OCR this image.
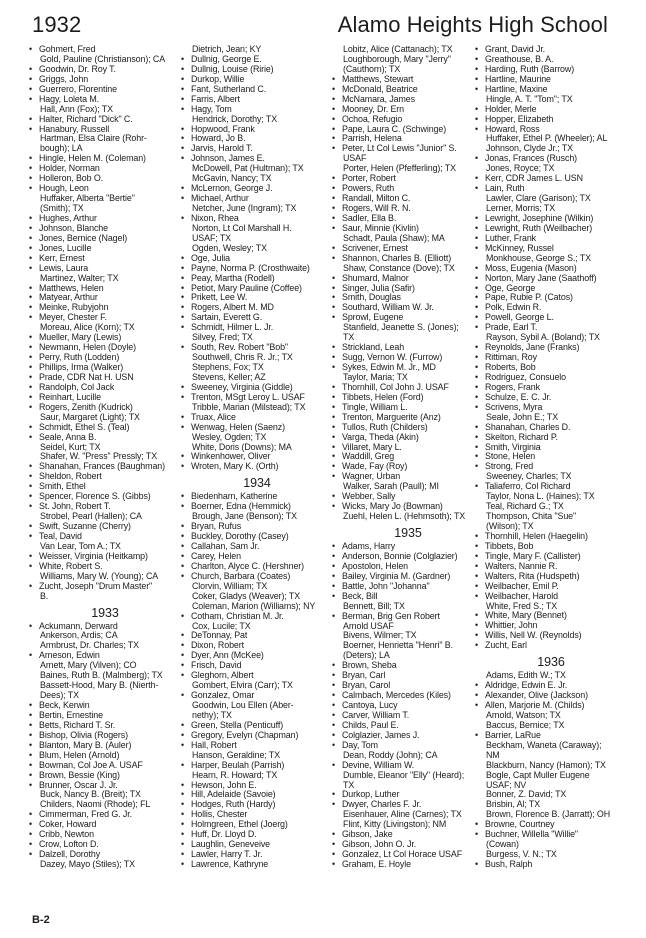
1932	Alamo Heights High School
• Gohmert, Fred
Gold, Pauline (Christianson); CA
• Goodwin, Dr. Roy T.
• Griggs, John
• Guerrero, Florentine
• Hagy, Loleta M.
Hall, Ann (Fox); TX
• Halter, Richard "Dick" C.
• Hanabury, Russell
Hartman, Elsa Claire (Rohr-
bough); LA
• Hingle, Helen M. (Coleman)
• Holder, Norman
• Holleron, Bob O.
• Hough, Leon
Huffaker, Alberta "Bertie"
(Smith); TX
• Hughes, Arthur
• Johnson, Blanche
• Jones, Bernice (Nagel)
• Jones, Lucille
• Kerr, Ernest
• Lewis, Laura
Martinez, Walter; TX
• Matthews, Helen
• Matyear, Arthur
• Meinke, Rubyjohn
• Meyer, Chester F.
Moreau, Alice (Korn); TX
• Mueller, Mary (Lewis)
• Newmann, Helen (Doyle)
• Perry, Ruth (Lodden)
• Phillips, Irma (Walker)
• Prade, CDR Nat H. USN
• Randolph, Col Jack
• Reinhart, Lucille
• Rogers, Zenith (Kudrick)
Saur, Margaret (Light); TX
• Schmidt, Ethel S. (Teal)
• Seale, Anna B.
Seidel, Kurt; TX
Shafer, W. "Press" Pressly; TX
• Shanahan, Frances (Baughman)
• Sheldon, Robert
• Smith, Ethel
• Spencer, Florence S. (Gibbs)
• St. John, Robert T.
Strobel, Pearl (Hallen); CA
• Swift, Suzanne (Cherry)
• Teal, David
Van Lear, Tom A.; TX
• Weisser, Virginia (Heitkamp)
• White, Robert S.
Williams, Mary W. (Young); CA
• Zucht, Joseph "Drum Master"
B.
1933
• Ackumann, Derward
Ankerson, Ardis; CA
Armbrust, Dr. Charles; TX
• Arneson, Edwin
Arnett, Mary (Vilven); CO
Baines, Ruth B. (Malmberg); TX
Bassett-Hood, Mary B. (Nierth-
Dees); TX
• Beck, Kerwin
• Bertin, Ernestine
• Betts, Richard T. Sr.
• Bishop, Olivia (Rogers)
• Blanton, Mary B. (Auler)
• Blum, Helen (Arnold)
• Bowman, Col Joe A. USAF
• Brown, Bessie (King)
• Brunner, Oscar J. Jr.
Buck, Nancy B. (Breit); TX
Childers, Naomi (Rhode); FL
• Cimmerman, Fred G. Jr.
• Coker, Howard
• Cribb, Newton
• Crow, Lofton D.
• Dalzell, Dorothy
Dazey, Mayo (Stiles); TX
Dietrich, Jean; KY
• Dullnig, George E.
• Dullnig, Louise (Ririe)
• Durkop, Willie
• Fant, Sutherland C.
• Farris, Albert
• Hagy, Tom
Hendrick, Dorothy; TX
• Hopwood, Frank
• Howard, Jo B.
• Jarvis, Harold T.
• Johnson, James E.
McDowell, Pat (Hultman); TX
McGavin, Nancy; TX
• McLernon, George J.
• Michael, Arthur
Netcher, June (Ingram); TX
• Nixon, Rhea
Norton, Lt Col Marshall H.
USAF; TX
Ogden, Wesley; TX
• Oge, Julia
• Payne, Norma P. (Crosthwaite)
• Peay, Martha (Rodell)
• Petiot, Mary Pauline (Coffee)
• Prikett, Lee W.
• Rogers, Albert M. MD
• Sartain, Everett G.
• Schmidt, Hilmer L. Jr.
Silvey, Fred; TX
• South, Rev. Robert "Bob"
Southwell, Chris R. Jr.; TX
Stephens, Fox; TX
Stevens, Keller; AZ
• Sweeney, Virginia (Giddle)
• Trenton, MSgt Leroy L. USAF
Tribble, Marian (Milstead); TX
• Truax, Alice
• Wenwag, Helen (Saenz)
Wesley, Ogden; TX
White, Doris (Downs); MA
• Winkenhower, Oliver
• Wroten, Mary K. (Orth)
1934
• Biedenharn, Katherine
• Boerner, Edna (Hemmick)
Brough, Jane (Benson); TX
• Bryan, Rufus
• Buckley, Dorothy (Casey)
• Callahan, Sam Jr.
• Carey, Helen
• Charlton, Alyce C. (Hershner)
• Church, Barbara (Coates)
Clorvin, William; TX
Coker, Gladys (Weaver); TX
Coleman, Marion (Williams); NY
• Cotham, Christian M. Jr.
Cox, Lucile; TX
• DeTonnay, Pat
• Dixon, Robert
• Dyer, Ann (McKee)
• Frisch, David
• Gleghorn, Albert
Gombert, Elvira (Carr); TX
• Gonzalez, Omar
Goodwin, Lou Ellen (Aber-
nethy); TX
• Green, Stella (Penticuff)
• Gregory, Evelyn (Chapman)
• Hall, Robert
Hanson, Geraldine; TX
• Harper, Beulah (Parrish)
Hearn, R. Howard; TX
• Hewson, John E.
• Hill, Adelaide (Savoie)
• Hodges, Ruth (Hardy)
• Hollis, Chester
• Holmgreen, Ethel (Joerg)
• Huff, Dr. Lloyd D.
• Laughlin, Geneveive
• Lawler, Harry T. Jr.
• Lawrence, Kathryne
Lobitz, Alice (Cattanach); TX
Loughborough, Mary "Jerry"
(Cauthorn); TX
• Matthews, Stewart
• McDonald, Beatrice
• McNamara, James
• Mooney, Dr. Ern
• Ochoa, Refugio
• Pape, Laura C. (Schwinge)
• Parrish, Helena
• Peter, Lt Col Lewis "Junior" S.
USAF
Porter, Helen (Pfefferling); TX
• Porter, Robert
• Powers, Ruth
• Randall, Milton C.
• Rogers, Will R. N.
• Sadler, Ella B.
• Saur, Minnie (Kivlin)
Schadt, Paula (Shaw); MA
• Scrivener, Ernest
• Shannon, Charles B. (Elliott)
Shaw, Constance (Dove); TX
• Shumard, Malnor
• Singer, Julia (Safir)
• Smith, Douglas
• Southard, William W. Jr.
• Sprowl, Eugene
Stanfield, Jeanette S. (Jones);
TX
• Strickland, Leah
• Sugg, Vernon W. (Furrow)
• Sykes, Edwin M. Jr., MD
Taylor, Maria; TX
• Thornhill, Col John J. USAF
• Tibbets, Helen (Ford)
• Tingle, William L.
• Trenton, Marguerite (Anz)
• Tullos, Ruth (Childers)
• Varga, Theda (Akin)
• Villaret, Mary L.
• Waddill, Greg
• Wade, Fay (Roy)
• Wagner, Urban
Walker, Sarah (Paull); MI
• Webber, Sally
• Wicks, Mary Jo (Bowman)
Zuehl, Helen L. (Hehmsoth); TX
1935
• Adams, Harry
• Anderson, Bonnie (Colglazier)
• Apostolon, Helen
• Bailey, Virginia M. (Gardner)
• Battle, John "Johanna"
• Beck, Bill
Bennett, Bill; TX
• Berman, Brig Gen Robert
Arnold USAF
Bivens, Wilmer; TX
Boerner, Henrietta "Henri" B.
(Deters); LA
• Brown, Sheba
• Bryan, Carl
• Bryan, Carol
• Calmbach, Mercedes (Kiles)
• Cantoya, Lucy
• Carver, William T.
• Childs, Paul E.
• Colglazier, James J.
• Day, Tom
Dean, Roddy (John); CA
• Devine, William W.
Dumble, Eleanor "Elly" (Heard);
TX
• Durkop, Luther
• Dwyer, Charles F. Jr.
Eisenhauer, Aline (Carnes); TX
Flint, Kitty (Livingston); NM
• Gibson, Jake
• Gibson, John O. Jr.
• Gonzalez, Lt Col Horace USAF
• Graham, E. Hoyle
• Grant, David Jr.
• Greathouse, B. A.
• Harding, Ruth (Barrow)
• Hartline, Maurine
• Hartline, Maxine
Hingle, A. T. "Tom"; TX
• Holder, Merle
• Hopper, Elizabeth
• Howard, Ross
Huffaker, Ethel P. (Wheeler); AL
Johnson, Clyde Jr.; TX
• Jonas, Frances (Rusch)
Jones, Royce; TX
• Kerr, CDR James L. USN
• Lain, Ruth
Lawler, Clare (Garison); TX
Lerner, Morris; TX
• Lewright, Josephine (Wilkin)
• Lewright, Ruth (Weilbacher)
• Luther, Frank
• McKinney, Russel
Monkhouse, George S.; TX
• Moss, Eugenia (Mason)
• Norton, Mary Jane (Saathoff)
• Oge, George
• Pape, Rubie P. (Catos)
• Polk, Edwin R.
• Powell, George L.
• Prade, Earl T.
Rayson, Sybil A. (Boland); TX
• Reynolds, Jane (Franks)
• Rittiman, Roy
• Roberts, Bob
• Rodriguez, Consuelo
• Rogers, Frank
• Schulze, E. C. Jr.
• Scrivens, Myra
Seale, John E.; TX
• Shanahan, Charles D.
• Skelton, Richard P.
• Smith, Virginia
• Stone, Helen
• Strong, Fred
Sweeney, Charles; TX
• Taliaferro, Col Richard
Taylor, Nona L. (Haines); TX
Teal, Richard G.; TX
Thompson, Chita "Sue"
(Wilson); TX
• Thornhill, Helen (Haegelin)
• Tibbets, Bob
• Tingle, Mary F. (Callister)
• Walters, Nannie R.
• Walters, Rita (Hudspeth)
• Weilbacher, Emil P.
• Weilbacher, Harold
White, Fred S.; TX
• White, Mary (Bennet)
• Whittier, John
• Willis, Nell W. (Reynolds)
• Zucht, Earl
1936
Adams, Edith W.; TX
• Aldridge, Edwin E. Jr.
• Alexander, Olive (Jackson)
• Allen, Marjorie M. (Childs)
Arnold, Watson; TX
Baccus, Bernice; TX
• Barrier, LaRue
Beckham, Waneta (Caraway);
NM
Blackburn, Nancy (Hamon); TX
Bogle, Capt Muller Eugene
USAF; NV
Bonner, Z. David; TX
Brisbin, Al; TX
Brown, Florence B. (Jarratt); OH
• Browne, Courtney
• Buchner, Willella "Willie"
(Cowan)
Burgess, V. N.; TX
• Bush, Ralph
B-2
